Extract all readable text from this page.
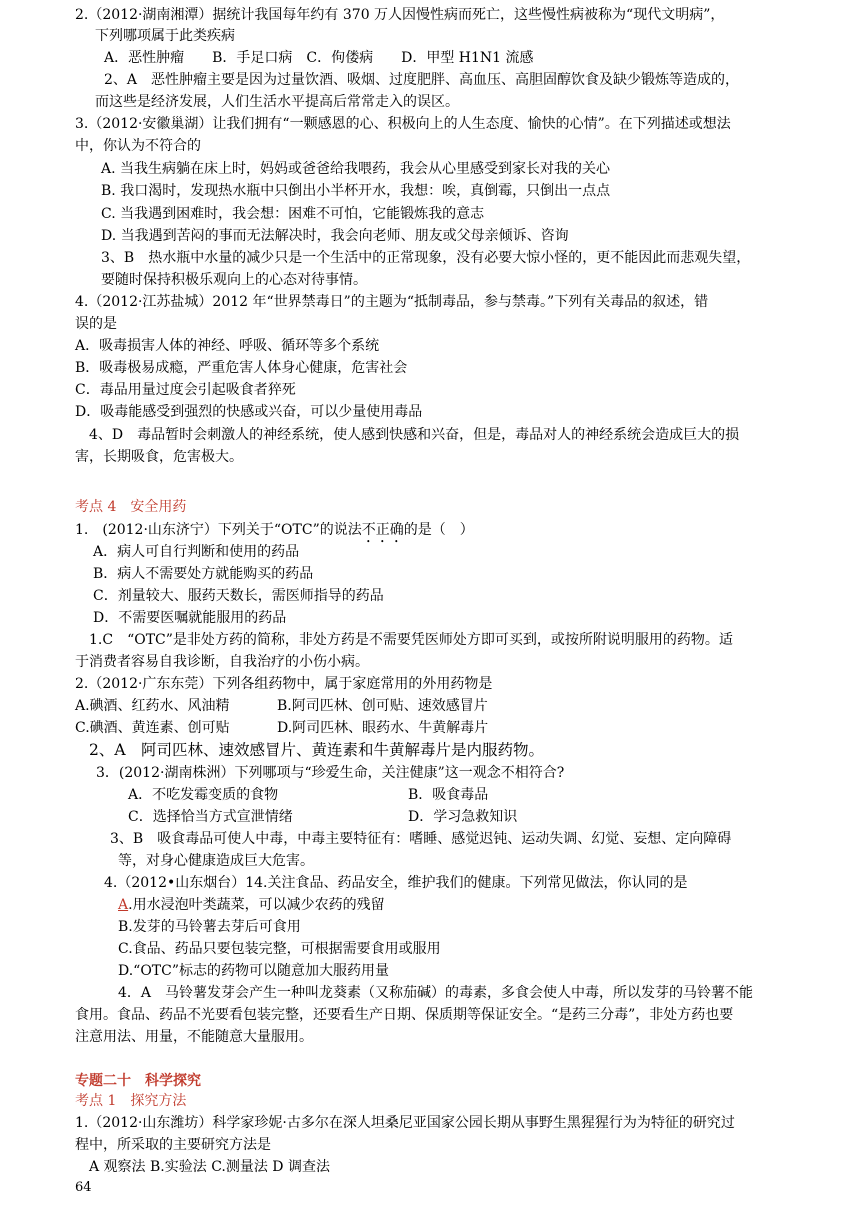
2.（2012·湖南湘潭）据统计我国每年约有 370 万人因慢性病而死亡，这些慢性病被称为“现代文明病”，
下列哪项属于此类疾病
A．恶性肿瘤　　B．手足口病　C．佝偻病　　D．甲型 H1N1 流感
2、A　恶性肿瘤主要是因为过量饮酒、吸烟、过度肥胖、高血压、高胆固醇饮食及缺少锻炼等造成的，
而这些是经济发展，人们生活水平提高后常常走入的误区。
3.（2012·安徽巢湖）让我们拥有“一颗感恩的心、积极向上的人生态度、愉快的心情”。在下列描述或想法
中，你认为不符合的
A. 当我生病躺在床上时，妈妈或爸爸给我喂药，我会从心里感受到家长对我的关心
B. 我口渴时，发现热水瓶中只倒出小半杯开水，我想：唉，真倒霉，只倒出一点点
C. 当我遇到困难时，我会想：困难不可怕，它能锻炼我的意志
D. 当我遇到苦闷的事而无法解决时，我会向老师、朋友或父母亲倾诉、咨询
3、B　热水瓶中水量的减少只是一个生活中的正常现象，没有必要大惊小怪的，更不能因此而悲观失望，
要随时保持积极乐观向上的心态对待事情。
4.（2012·江苏盐城）2012 年“世界禁毒日”的主题为“抵制毒品，参与禁毒。”下列有关毒品的叙述，错
误的是
A．吸毒损害人体的神经、呼吸、循环等多个系统
B．吸毒极易成瘾，严重危害人体身心健康，危害社会
C．毒品用量过度会引起吸食者猝死
D．吸毒能感受到强烈的快感或兴奋，可以少量使用毒品
4、D　毒品暂时会刺激人的神经系统，使人感到快感和兴奋，但是，毒品对人的神经系统会造成巨大的损
害，长期吸食，危害极大。
考点 4　安全用药
1.　(2012·山东济宁）下列关于“OTC”的说法不正确的是（　）
A．病人可自行判断和使用的药品
B．病人不需要处方就能购买的药品
C．剂量较大、服药天数长，需医师指导的药品
D．不需要医嘱就能服用的药品
1.C　“OTC”是非处方药的简称，非处方药是不需要凭医师处方即可买到，或按所附说明服用的药物。适
于消费者容易自我诊断，自我治疗的小伤小病。
2.（2012·广东东莞）下列各组药物中，属于家庭常用的外用药物是
A.碘酒、红药水、风油精	B.阿司匹林、创可贴、速效感冒片
C.碘酒、黄连素、创可贴	D.阿司匹林、眼药水、牛黄解毒片
2、A　阿司匹林、速效感冒片、黄连素和牛黄解毒片是内服药物。
3．(2012·湖南株洲）下列哪项与“珍爱生命，关注健康”这一观念不相符合?
A．不吃发霉变质的食物	B．吸食毒品
C．选择恰当方式宣泄情绪	D．学习急救知识
3、B　吸食毒品可使人中毒，中毒主要特征有：嗜睡、感觉迟钝、运动失调、幻觉、妄想、定向障碍
等，对身心健康造成巨大危害。
4.（2012•山东烟台）14.关注食品、药品安全，维护我们的健康。下列常见做法，你认同的是
A.用水浸泡叶类蔬菜，可以减少农药的残留
B.发芽的马铃薯去芽后可食用
C.食品、药品只要包装完整，可根据需要食用或服用
D.“OTC”标志的药物可以随意加大服药用量
4．A　马铃薯发芽会产生一种叫龙葵素（又称茄碱）的毒素，多食会使人中毒，所以发芽的马铃薯不能
食用。食品、药品不光要看包装完整，还要看生产日期、保质期等保证安全。“是药三分毒”，非处方药也要
注意用法、用量，不能随意大量服用。
专题二十　科学探究
考点 1　探究方法
1.（2012·山东潍坊）科学家珍妮·古多尔在深人坦桑尼亚国家公园长期从事野生黑猩猩行为为特征的研究过
程中，所采取的主要研究方法是
A 观察法 B.实验法 C.测量法 D 调查法
64
